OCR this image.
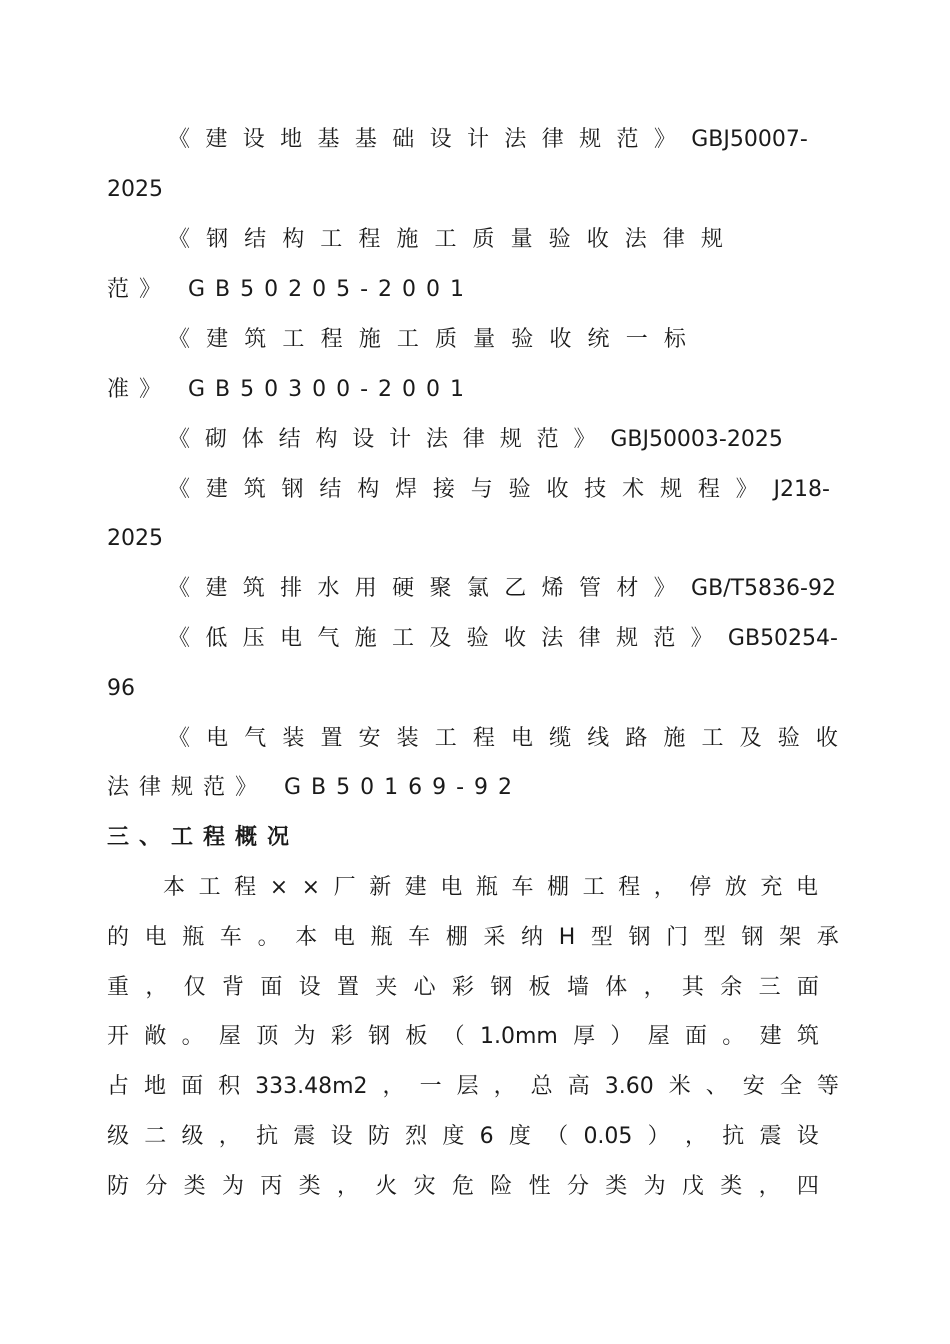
《 建 设 地 基 基 础 设 计 法 律 规 范 》 GBJ50007-
2025
《 钢 结 构 工 程 施 工 质 量 验 收 法 律 规
范》 GB50205-2001
《 建 筑 工 程 施 工 质 量 验 收 统 一 标
准》 GB50300-2001
《 砌 体 结 构 设 计 法 律 规 范 》 GBJ50003-2025
《 建 筑 钢 结 构 焊 接 与 验 收 技 术 规 程 》 J218-
2025
《 建 筑 排 水 用 硬 聚 氯 乙 烯 管 材 》 GB/T5836-92
《 低 压 电 气 施 工 及 验 收 法 律 规 范 》 GB50254-
96
《 电 气 装 置 安 装 工 程 电 缆 线 路 施 工 及 验 收
法律规范》 GB50169-92
三、工程概况
本 工 程 × × 厂 新 建 电 瓶 车 棚 工 程 ， 停 放 充 电
的 电 瓶 车 。 本 电 瓶 车 棚 采 纳 H 型 钢 门 型 钢 架 承
重 ， 仅 背 面 设 置 夹 心 彩 钢 板 墙 体 ， 其 余 三 面
开 敞 。 屋 顶 为 彩 钢 板 （ 1.0mm 厚 ） 屋 面 。 建 筑
占 地 面 积 333.48m2 ， 一 层 ， 总 高 3.60 米 、 安 全 等
级 二 级 ， 抗 震 设 防 烈 度 6 度 （ 0.05 ） ， 抗 震 设
防 分 类 为 丙 类 ， 火 灾 危 险 性 分 类 为 戊 类 ， 四
